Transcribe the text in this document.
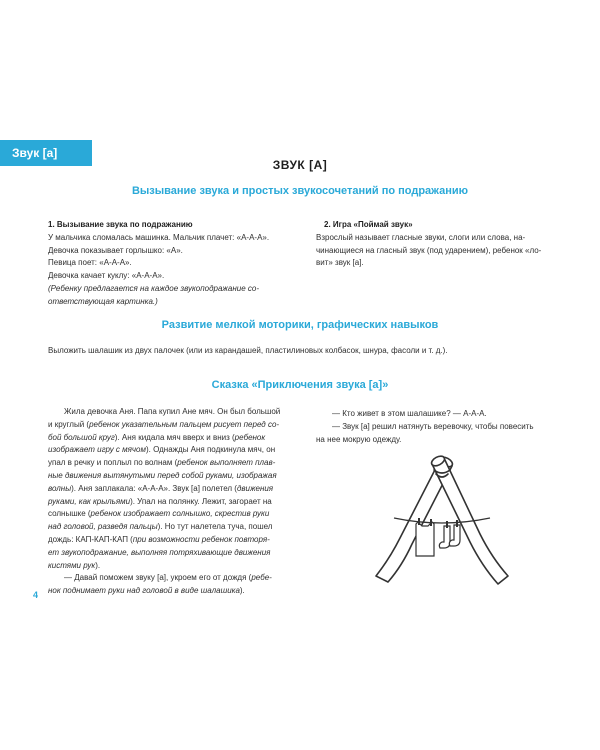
Звук [а]
ЗВУК [А]
Вызывание звука и простых звукосочетаний по подражанию

1. Вызывание звука по подражанию

У мальчика сломалась машинка. Мальчик плачет: «А-А-А».

Девочка показывает горлышко: «А».

Певица поет: «А-А-А».

Девочка качает куклу: «А-А-А».

(Ребенку предлагается на каждое звукоподражание со-

ответствующая картинка.)

2. Игра «Поймай звук»

Взрослый называет гласные звуки, слоги или слова, на-

чинающиеся на гласный звук (под ударением), ребенок «ло-

вит» звук [а].

Развитие мелкой моторики, графических навыков
Выложить шалашик из двух палочек (или из карандашей, пластилиновых колбасок, шнура, фасоли и т. д.).
Сказка «Приключения звука [а]»

Жила девочка Аня. Папа купил Ане мяч. Он был большой

и круглый (ребенок указательным пальцем рисует перед со-

бой большой круг). Аня кидала мяч вверх и вниз (ребенок

изображает игру с мячом). Однажды Аня подкинула мяч, он

упал в речку и поплыл по волнам (ребенок выполняет плав-

ные движения вытянутыми перед собой руками, изображая

волны). Аня заплакала: «А-А-А». Звук [а] полетел (движения

руками, как крыльями). Упал на полянку. Лежит, загорает на

солнышке (ребенок изображает солнышко, скрестив руки

над головой, разведя пальцы). Но тут налетела туча, пошел

дождь: КАП-КАП-КАП (при возможности ребенок повторя-

ет звукоподражание, выполняя потряхивающие движения

кистями рук).

— Давай поможем звуку [а], укроем его от дождя (ребе-

нок поднимает руки над головой в виде шалашика).

— Кто живет в этом шалашике? — А-А-А.

— Звук [а] решил натянуть веревочку, чтобы повесить

на нее мокрую одежду.

4
